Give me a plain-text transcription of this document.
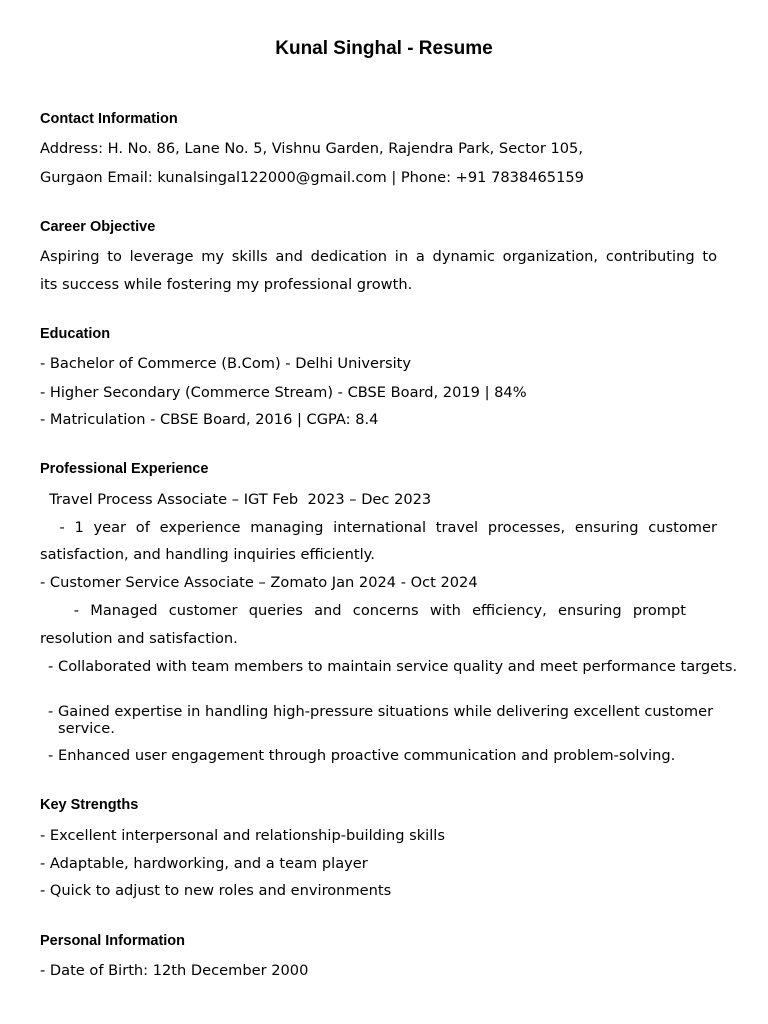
Kunal Singhal - Resume
Contact Information
Address: H. No. 86, Lane No. 5, Vishnu Garden, Rajendra Park, Sector 105,
Gurgaon Email: kunalsingal122000@gmail.com | Phone: +91 7838465159
Career Objective
Aspiring to leverage my skills and dedication in a dynamic organization, contributing to
its success while fostering my professional growth.
Education
- Bachelor of Commerce (B.Com) - Delhi University
- Higher Secondary (Commerce Stream) - CBSE Board, 2019 | 84%
- Matriculation - CBSE Board, 2016 | CGPA: 8.4
Professional Experience
Travel Process Associate – IGT Feb  2023 – Dec 2023
- 1 year of experience managing international travel processes, ensuring customer
satisfaction, and handling inquiries efficiently.
- Customer Service Associate – Zomato Jan 2024 - Oct 2024
- Managed customer queries and concerns with efficiency, ensuring prompt
resolution and satisfaction.
- Collaborated with team members to maintain service quality and meet performance targets.
- Gained expertise in handling high-pressure situations while delivering excellent customer service.
- Enhanced user engagement through proactive communication and problem-solving.
Key Strengths
- Excellent interpersonal and relationship-building skills
- Adaptable, hardworking, and a team player
- Quick to adjust to new roles and environments
Personal Information
- Date of Birth: 12th December 2000
